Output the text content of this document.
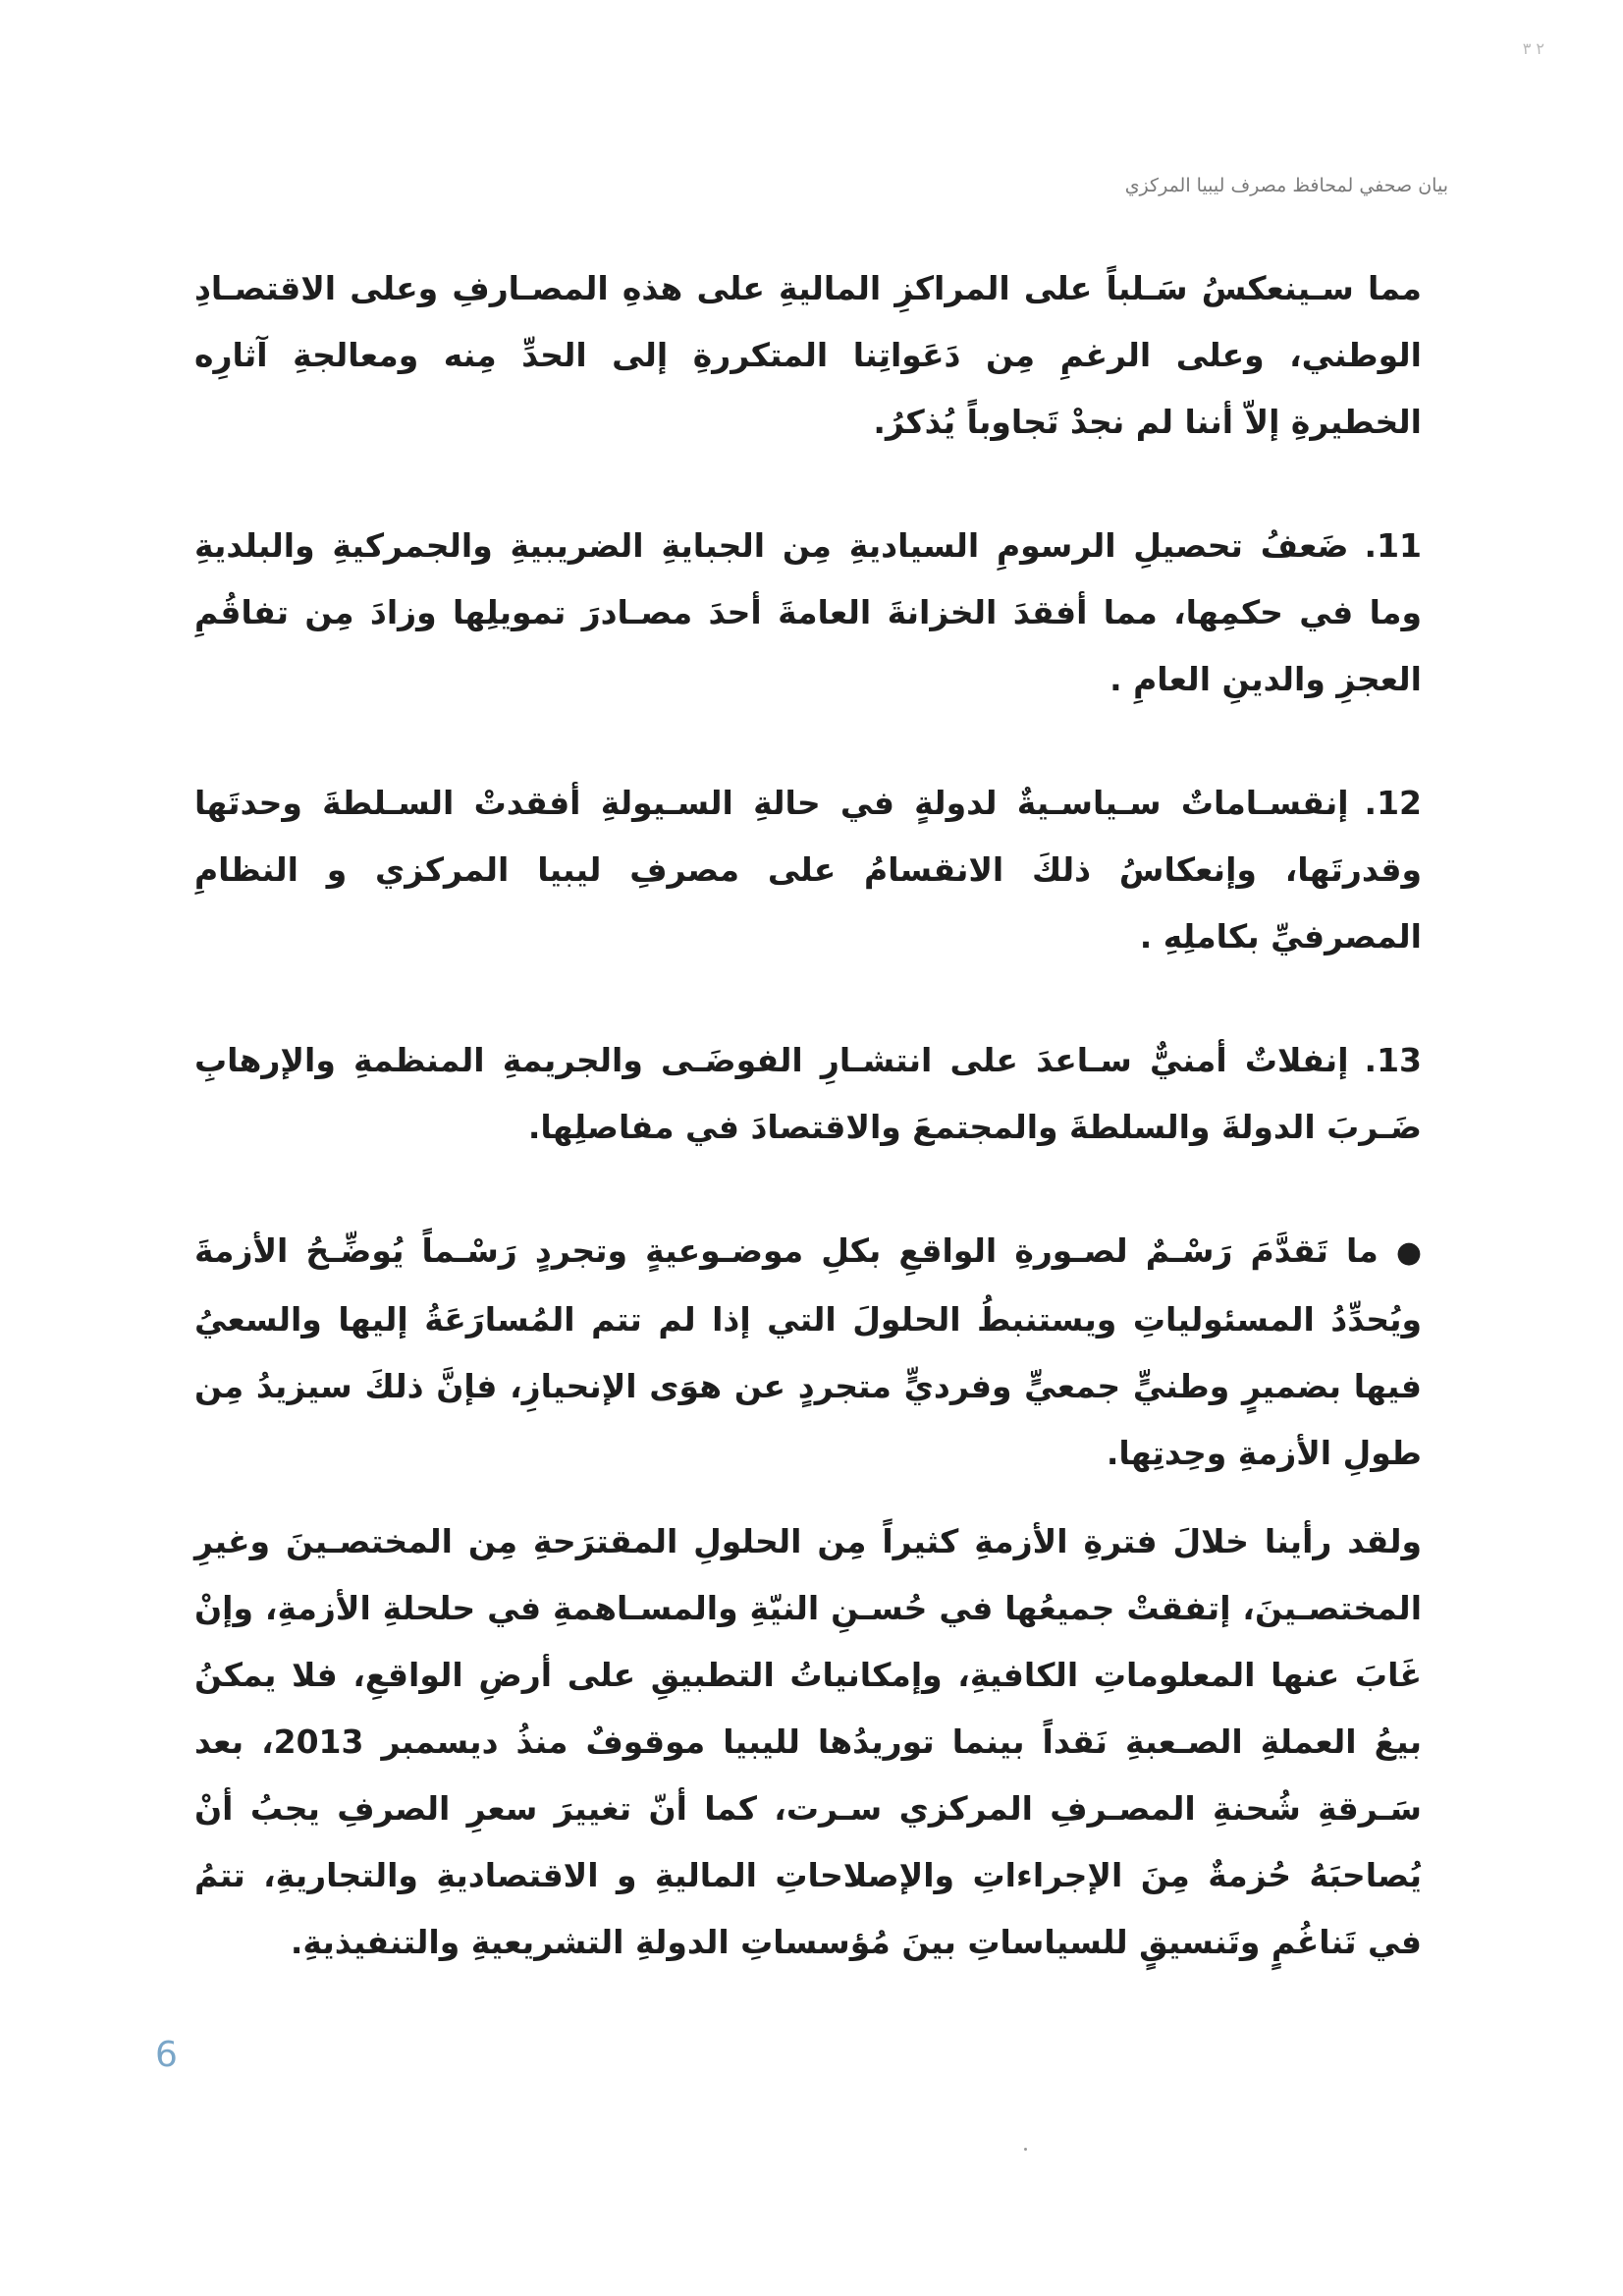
٢ ٣
بيان صحفي لمحافظ مصرف ليبيا المركزي

مما سـينعكسُ سَـلباً على المراكزِ الماليةِ على هذهِ المصـارفِ وعلى الاقتصـادِ الوطني، وعلى الرغمِ مِن دَعَواتِنا المتكررةِ إلى الحدِّ مِنه ومعالجةِ آثارِه الخطيرةِ إلاّ أننا لم نجدْ تَجاوباً يُذكرُ.

11.ضَعفُ تحصيلِ الرسومِ السياديةِ مِن الجبايةِ الضريبيةِ والجمركيةِ والبلديةِ وما في حكمِها، مما أفقدَ الخزانةَ العامةَ أحدَ مصـادرَ تمويلِها وزادَ مِن تفاقُمِ العجزِ والدينِ العامِ .

12.إنقسـاماتٌ سـياسـيةٌ لدولةٍ في حالةِ السـيولةِ أفقدتْ السـلطةَ وحدتَها وقدرتَها، وإنعكاسُ ذلكَ الانقسامُ على مصرفِ ليبيا المركزي و النظامِ المصرفيِّ بكاملِهِ .

13.إنفلاتٌ أمنيٌّ سـاعدَ على انتشـارِ الفوضَـى والجريمةِ المنظمةِ والإرهابِ ضَـربَ الدولةَ والسلطةَ والمجتمعَ والاقتصادَ في مفاصلِها.

●ما تَقدَّمَ رَسْـمٌ لصـورةِ الواقعِ بكلِ موضـوعيةٍ وتجردٍ رَسْـماً يُوضِّـحُ الأزمةَ ويُحدِّدُ المسئولياتِ ويستنبطُ الحلولَ التي إذا لم تتم المُسارَعَةُ إليها والسعيُ فيها بضميرٍ وطنيٍّ جمعيٍّ وفرديٍّ متجردٍ عن هوَى الإنحيازِ، فإنَّ ذلكَ سيزيدُ مِن طولِ الأزمةِ وحِدتِها.

ولقد رأينا خلالَ فترةِ الأزمةِ كثيراً مِن الحلولِ المقترَحةِ مِن المختصـينَ وغيرِ المختصـينَ، إتفقتْ جميعُها في حُسـنِ النيّةِ والمسـاهمةِ في حلحلةِ الأزمةِ، وإنْ غَابَ عنها المعلوماتِ الكافيةِ، وإمكانياتُ التطبيقِ على أرضِ الواقعِ، فلا يمكنُ بيعُ العملةِ الصـعبةِ نَقداً بينما توريدُها لليبيا موقوفٌ منذُ ديسمبر 2013، بعد سَـرقةِ شُحنةِ المصـرفِ المركزي سـرت، كما أنّ تغييرَ سعرِ الصرفِ يجبُ أنْ يُصاحبَهُ حُزمةٌ مِنَ الإجراءاتِ والإصلاحاتِ الماليةِ و الاقتصاديةِ والتجاريةِ، تتمُ في تَناغُمٍ وتَنسيقٍ للسياساتِ بينَ مُؤسساتِ الدولةِ التشريعيةِ والتنفيذيةِ.

6
